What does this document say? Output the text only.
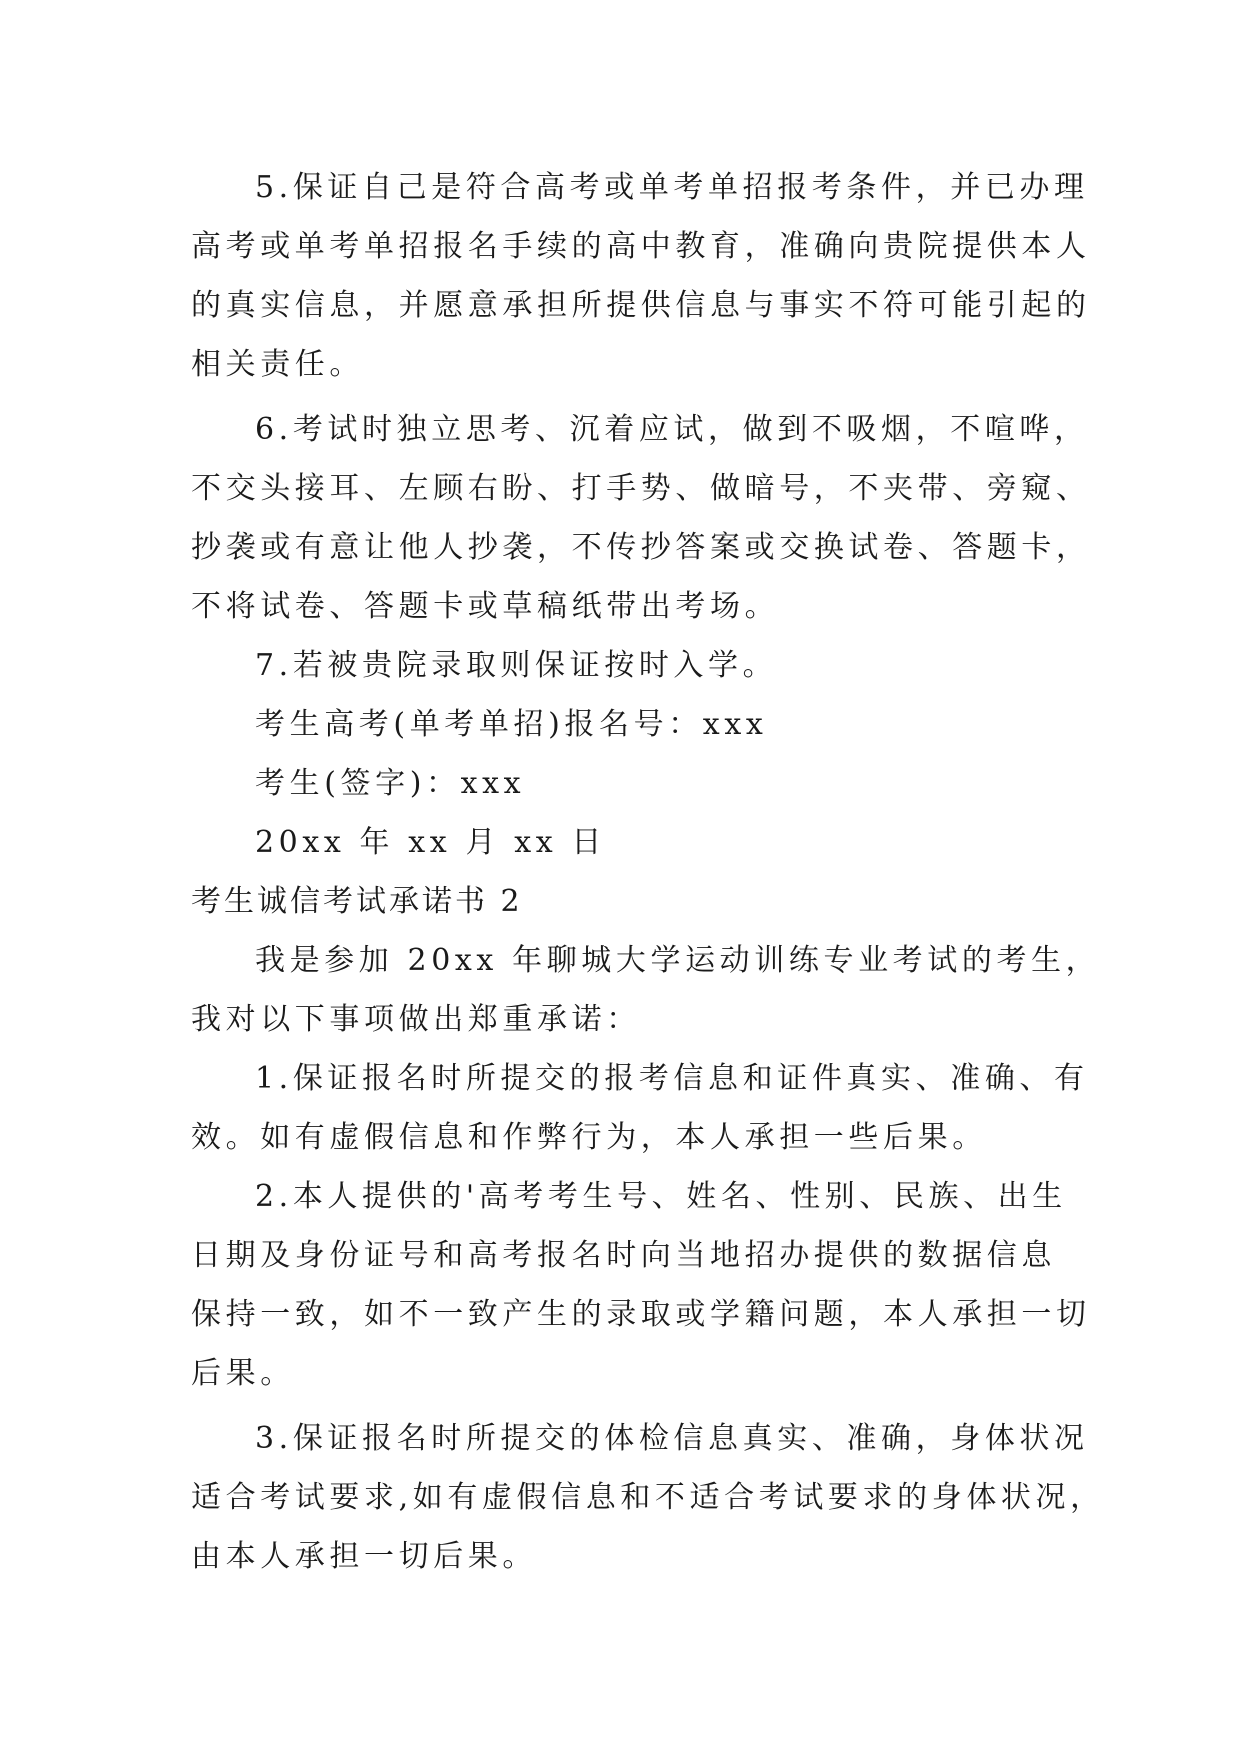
5.保证自己是符合高考或单考单招报考条件，并已办理
高考或单考单招报名手续的高中教育，准确向贵院提供本人
的真实信息，并愿意承担所提供信息与事实不符可能引起的
相关责任。
6.考试时独立思考、沉着应试，做到不吸烟，不喧哗，
不交头接耳、左顾右盼、打手势、做暗号，不夹带、旁窥、
抄袭或有意让他人抄袭，不传抄答案或交换试卷、答题卡，
不将试卷、答题卡或草稿纸带出考场。
7.若被贵院录取则保证按时入学。
考生高考(单考单招)报名号：xxx
考生(签字)：xxx
20xx 年 xx 月 xx 日
考生诚信考试承诺书 2
我是参加 20xx 年聊城大学运动训练专业考试的考生，
我对以下事项做出郑重承诺：
1.保证报名时所提交的报考信息和证件真实、准确、有
效。如有虚假信息和作弊行为，本人承担一些后果。
2.本人提供的'高考考生号、姓名、性别、民族、出生
日期及身份证号和高考报名时向当地招办提供的数据信息
保持一致，如不一致产生的录取或学籍问题，本人承担一切
后果。
3.保证报名时所提交的体检信息真实、准确，身体状况
适合考试要求,如有虚假信息和不适合考试要求的身体状况，
由本人承担一切后果。
